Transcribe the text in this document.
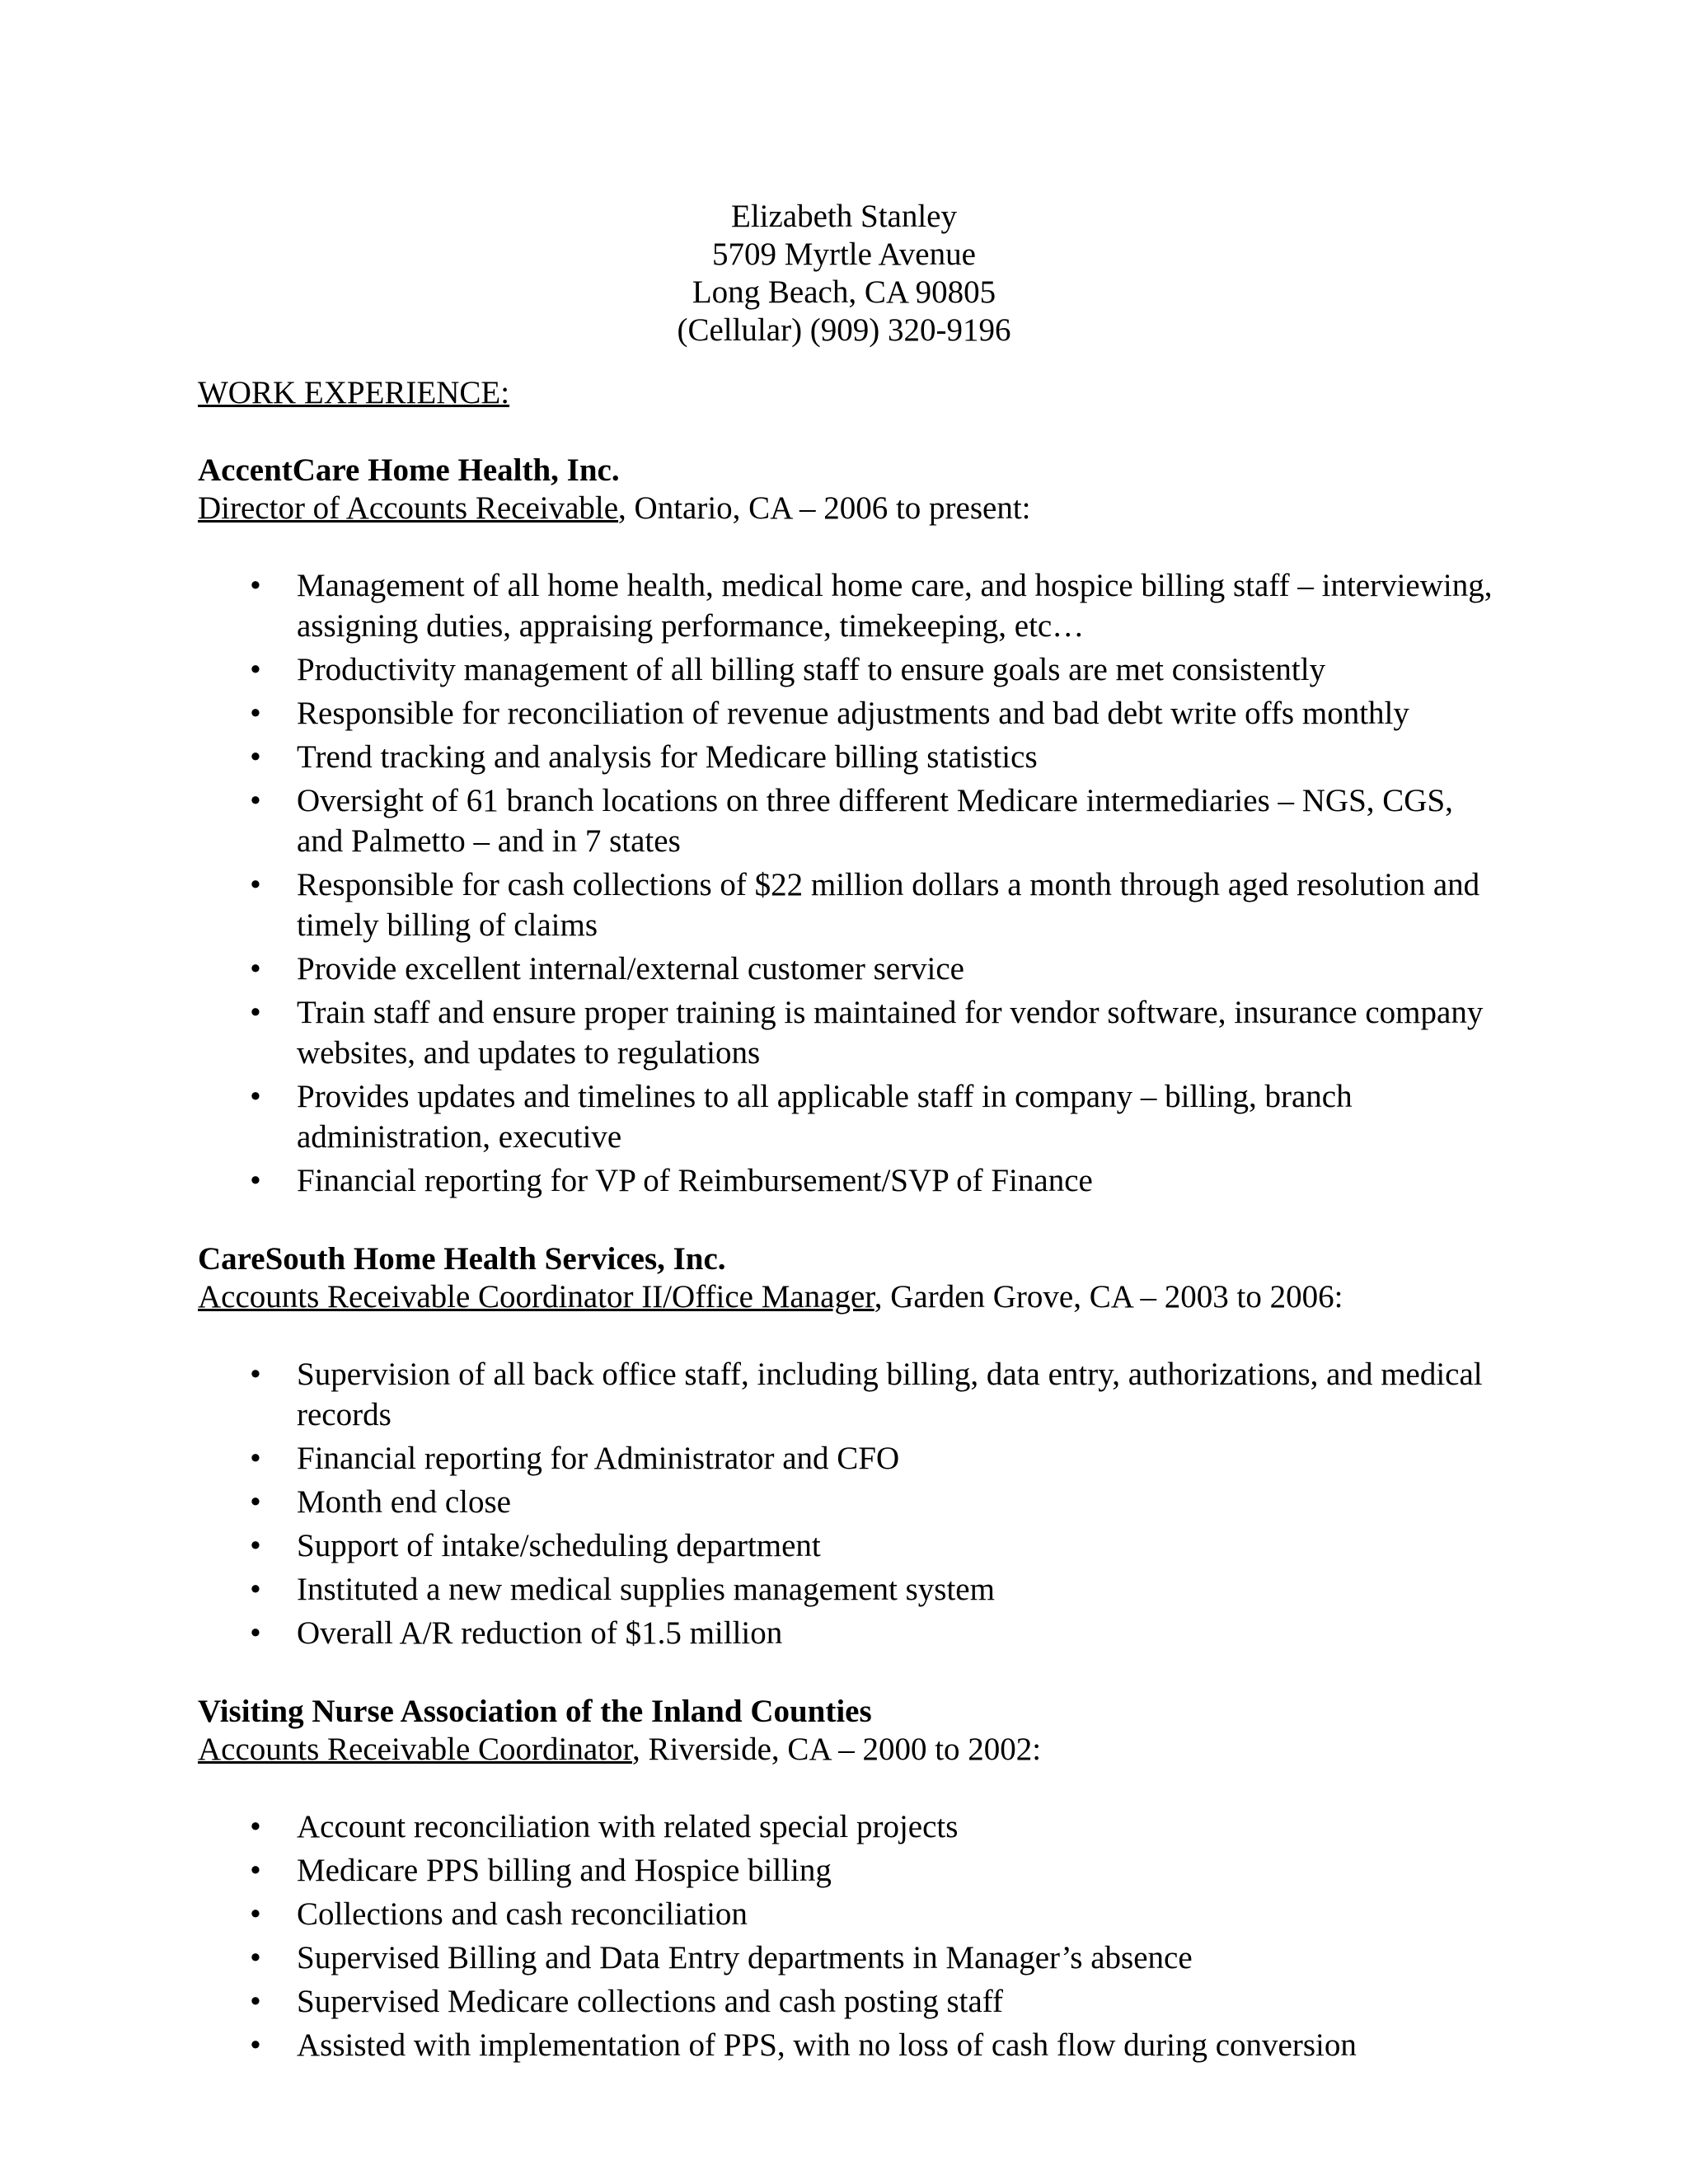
Elizabeth Stanley
5709 Myrtle Avenue
Long Beach, CA 90805
(Cellular) (909) 320-9196
WORK EXPERIENCE:
AccentCare Home Health, Inc.
Director of Accounts Receivable, Ontario, CA – 2006 to present:
• Management of all home health, medical home care, and hospice billing staff – interviewing, assigning duties, appraising performance, timekeeping, etc…
• Productivity management of all billing staff to ensure goals are met consistently
• Responsible for reconciliation of revenue adjustments and bad debt write offs monthly
• Trend tracking and analysis for Medicare billing statistics
• Oversight of 61 branch locations on three different Medicare intermediaries – NGS, CGS, and Palmetto – and in 7 states
• Responsible for cash collections of $22 million dollars a month through aged resolution and timely billing of claims
• Provide excellent internal/external customer service
• Train staff and ensure proper training is maintained for vendor software, insurance company websites, and updates to regulations
• Provides updates and timelines to all applicable staff in company – billing, branch administration, executive
• Financial reporting for VP of Reimbursement/SVP of Finance
CareSouth Home Health Services, Inc.
Accounts Receivable Coordinator II/Office Manager, Garden Grove, CA – 2003 to 2006:
• Supervision of all back office staff, including billing, data entry, authorizations, and medical records
• Financial reporting for Administrator and CFO
• Month end close
• Support of intake/scheduling department
• Instituted a new medical supplies management system
• Overall A/R reduction of $1.5 million
Visiting Nurse Association of the Inland Counties
Accounts Receivable Coordinator, Riverside, CA – 2000 to 2002:
• Account reconciliation with related special projects
• Medicare PPS billing and Hospice billing
• Collections and cash reconciliation
• Supervised Billing and Data Entry departments in Manager’s absence
• Supervised Medicare collections and cash posting staff
• Assisted with implementation of PPS, with no loss of cash flow during conversion
